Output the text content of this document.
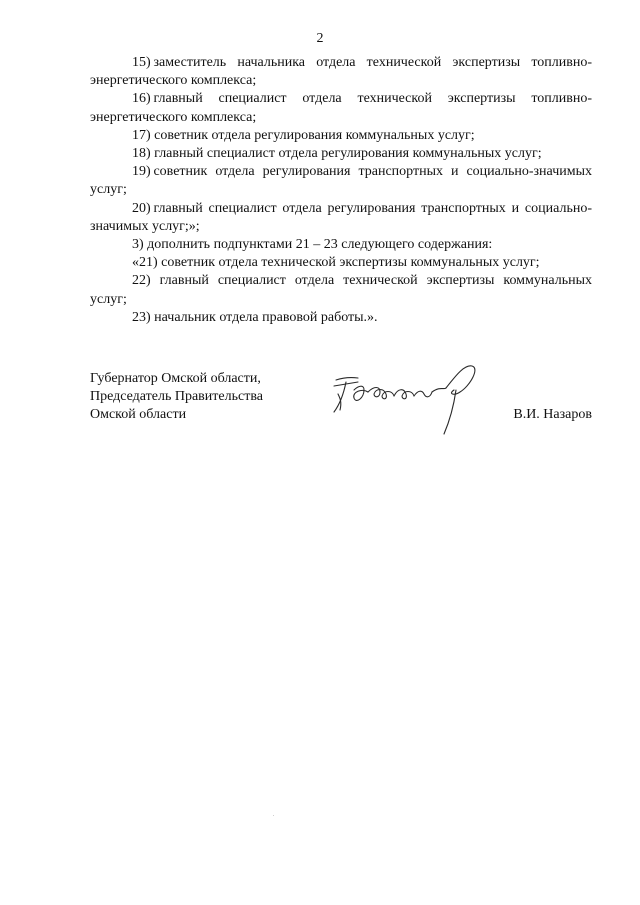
2

15) заместитель начальника отдела технической экспертизы топливно-энергетического комплекса;

16) главный специалист отдела технической экспертизы топливно-энергетического комплекса;

17) советник отдела регулирования коммунальных услуг;

18) главный специалист отдела регулирования коммунальных услуг;

19) советник отдела регулирования транспортных и социально-значимых услуг;

20) главный специалист отдела регулирования транспортных и социально-значимых услуг;»;

3) дополнить подпунктами 21 – 23 следующего содержания:

«21) советник отдела технической экспертизы коммунальных услуг;

22) главный специалист отдела технической экспертизы коммунальных услуг;

23) начальник отдела правовой работы.».

Губернатор Омской области,
Председатель Правительства
Омской области	В.И. Назаров
